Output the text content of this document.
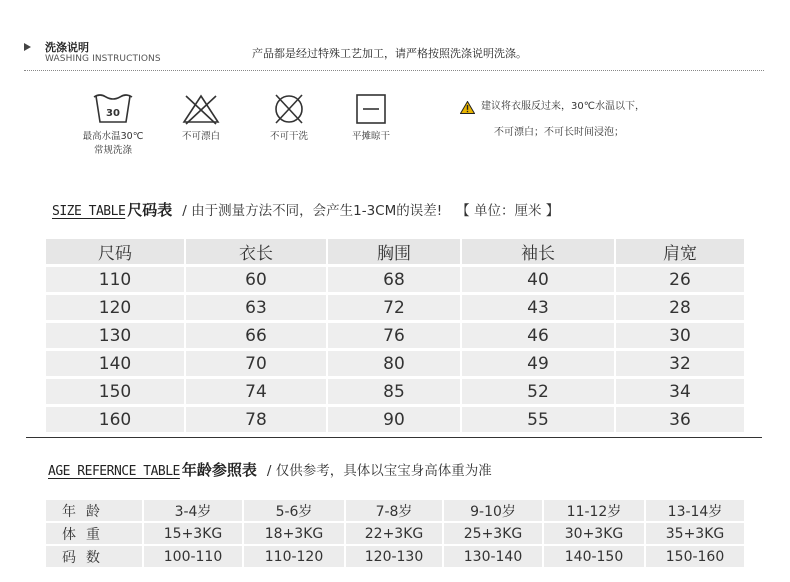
洗涤说明
WASHING INSTRUCTIONS	产品都是经过特殊工艺加工，请严格按照洗涤说明洗涤。
30
最高水温30℃
常规洗涤
不可漂白	不可干洗	平摊晾干
建议将衣服反过来，30℃水温以下，
不可漂白；不可长时间浸泡；
SIZE TABLE 尺码表 / 由于测量方法不同，会产生1-3CM的误差! 【 单位：厘米 】
尺码	衣长	胸围	袖长	肩宽
110	60	68	40	26
120	63	72	43	28
130	66	76	46	30
140	70	80	49	32
150	74	85	52	34
160	78	90	55	36
AGE REFERNCE TABLE 年龄参照表 / 仅供参考，具体以宝宝身高体重为准
年龄	3-4岁	5-6岁	7-8岁	9-10岁	11-12岁	13-14岁
体重	15+3KG	18+3KG	22+3KG	25+3KG	30+3KG	35+3KG
码数	100-110	110-120	120-130	130-140	140-150	150-160
